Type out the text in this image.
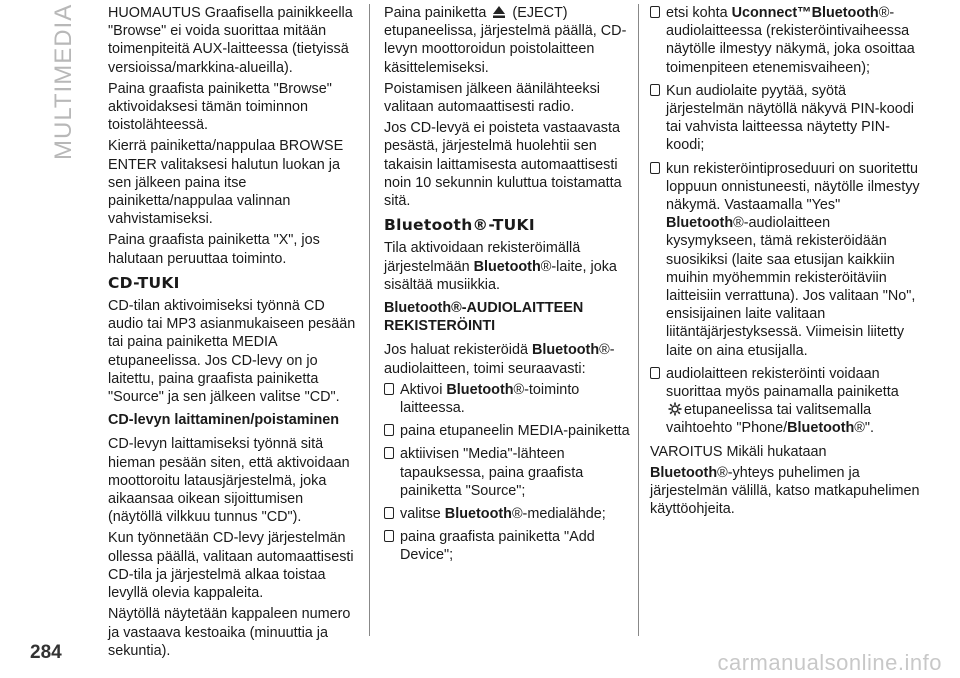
MULTIMEDIA HUOMAUTUS Graafisella painikkeella "Browse" ei voida suorittaa mitään toimenpiteitä AUX-laitteessa (tietyissä versioissa/markkina-alueilla).

Paina graafista painiketta "Browse" aktivoidaksesi tämän toiminnon toistolähteessä.

Kierrä painiketta/nappulaa BROWSE ENTER valitaksesi halutun luokan ja sen jälkeen paina itse painiketta/nappulaa valinnan vahvistamiseksi.

Paina graafista painiketta "X", jos halutaan peruuttaa toiminto.

CD-TUKI

CD-tilan aktivoimiseksi työnnä CD audio tai MP3 asianmukaiseen pesään tai paina painiketta MEDIA etupaneelissa. Jos CD-levy on jo laitettu, paina graafista painiketta "Source" ja sen jälkeen valitse "CD".

CD-levyn laittaminen/poistaminen

CD-levyn laittamiseksi työnnä sitä hieman pesään siten, että aktivoidaan moottoroitu latausjärjestelmä, joka aikaansaa oikean sijoittumisen (näytöllä vilkkuu tunnus "CD").

Kun työnnetään CD-levy järjestelmän ollessa päällä, valitaan automaattisesti CD-tila ja järjestelmä alkaa toistaa levyllä olevia kappaleita.

Näytöllä näytetään kappaleen numero ja vastaava kestoaika (minuuttia ja sekuntia).

Paina painiketta (EJECT) etupaneelissa, järjestelmä päällä, CD-levyn moottoroidun poistolaitteen käsittelemiseksi.

Poistamisen jälkeen äänilähteeksi valitaan automaattisesti radio.

Jos CD-levyä ei poisteta vastaavasta pesästä, järjestelmä huolehtii sen takaisin laittamisesta automaattisesti noin 10 sekunnin kuluttua toistamatta sitä.

Bluetooth®-TUKI

Tila aktivoidaan rekisteröimällä järjestelmään Bluetooth®-laite, joka sisältää musiikkia.

Bluetooth®-AUDIOLAITTEEN REKISTERÖINTI

Jos haluat rekisteröidä Bluetooth®-audiolaitteen, toimi seuraavasti:

Aktivoi Bluetooth®-toiminto laitteessa.

paina etupaneelin MEDIA-painiketta

aktiivisen "Media"-lähteen tapauksessa, paina graafista painiketta "Source";

valitse Bluetooth®-medialähde;

paina graafista painiketta "Add Device";

etsi kohta Uconnect™Bluetooth®-audiolaitteessa (rekisteröintivaiheessa näytölle ilmestyy näkymä, joka osoittaa toimenpiteen etenemisvaiheen);

Kun audiolaite pyytää, syötä järjestelmän näytöllä näkyvä PIN-koodi tai vahvista laitteessa näytetty PIN-koodi;

kun rekisteröintiproseduuri on suoritettu loppuun onnistuneesti, näytölle ilmestyy näkymä. Vastaamalla "Yes" Bluetooth®-audiolaitteen kysymykseen, tämä rekisteröidään suosikiksi (laite saa etusijan kaikkiin muihin myöhemmin rekisteröitäviin laitteisiin verrattuna). Jos valitaan "No", ensisijainen laite valitaan liitäntäjärjestyksessä. Viimeisin liitetty laite on aina etusijalla.

audiolaitteen rekisteröinti voidaan suorittaa myös painamalla painiketta etupaneelissa tai valitsemalla vaihtoehto "Phone/Bluetooth®".

VAROITUS Mikäli hukataan

Bluetooth®-yhteys puhelimen ja järjestelmän välillä, katso matkapuhelimen käyttöohjeita.

284	carmanualsonline.info
